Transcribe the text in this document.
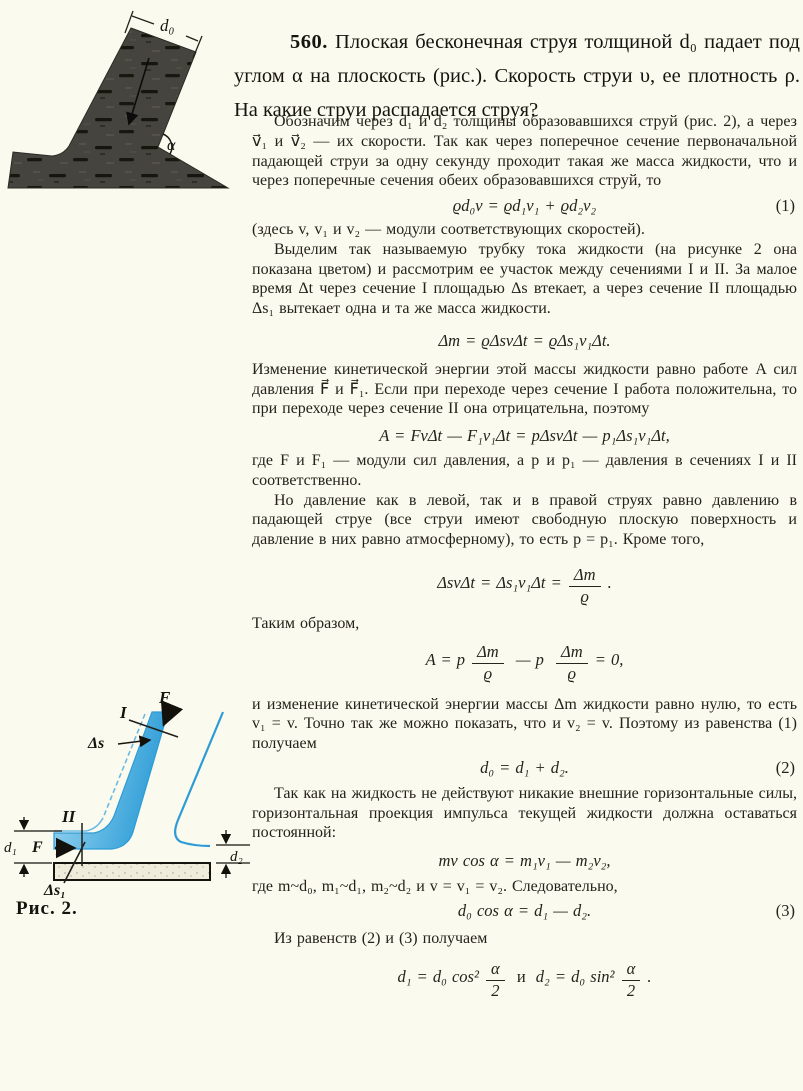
d₀
α

560. Плоская бесконечная струя толщиной d₀ падает под углом α на плоскость (рис.). Скорость струи υ, ее плотность ρ. На какие струи распадается струя?

Обозначим через d₁ и d₂ толщины образовавшихся струй (рис. 2), а через v⃗₁ и v⃗₂ — их скорости. Так как через поперечное сечение первоначальной падающей струи за одну секунду проходит такая же масса жидкости, что и через поперечные сечения обеих образовавшихся струй, то

ϱd₀v = ϱd₁v₁ + ϱd₂v₂	(1)

(здесь v, v₁ и v₂ — модули соответствующих скоростей).

Выделим так называемую трубку тока жидкости (на рисунке 2 она показана цветом) и рассмотрим ее участок между сечениями I и II. За малое время Δt через сечение I площадью Δs втекает, а через сечение II площадью Δs₁ вытекает одна и та же масса жидкости.

Δm = ϱΔsvΔt = ϱΔs₁v₁Δt.

Изменение кинетической энергии этой массы жидкости равно работе A сил давления F⃗ и F⃗₁. Если при переходе через сечение I работа положительна, то при переходе через сечение II она отрицательна, поэтому

A = FvΔt — F₁v₁Δt = pΔsvΔt — p₁Δs₁v₁Δt,

где F и F₁ — модули сил давления, а p и p₁ — давления в сечениях I и II соответственно.

Но давление как в левой, так и в правой струях равно давлению в падающей струе (все струи имеют свободную плоскую поверхность и давление в них равно атмосферному), то есть p = p₁. Кроме того,

$\Delta sv\Delta t = \Delta s_1v_1\Delta t = \frac{\Delta m}{ϱ}$ .

Таким образом,

A = p $\frac{\Delta m}{ϱ}$ — p $\frac{\Delta m}{ϱ} = 0$,

и изменение кинетической энергии массы Δm жидкости равно нулю, то есть v₁ = v. Точно так же можно показать, что и v₂ = v. Поэтому из равенства (1) получаем

d₀ = d₁ + d₂.	(2)

Так как на жидкость не действуют никакие внешние горизонтальные силы, горизонтальная проекция импульса текущей жидкости должна оставаться постоянной:

mv cos α = m₁v₁ — m₂v₂,

где m~d₀, m₁~d₁, m₂~d₂ и v = v₁ = v₂. Следовательно,

d₀ cos α = d₁ — d₂.	(3)

Из равенств (2) и (3) получаем

d₁ = d₀ $\cos^2 \frac{\alpha}{2}$ и d₂ = d₀ $\sin^2 \frac{\alpha}{2}$ .
I
Δs
F⃗
II
F⃗₁
Δs₁
d₁
d₂
Рис. 2.
